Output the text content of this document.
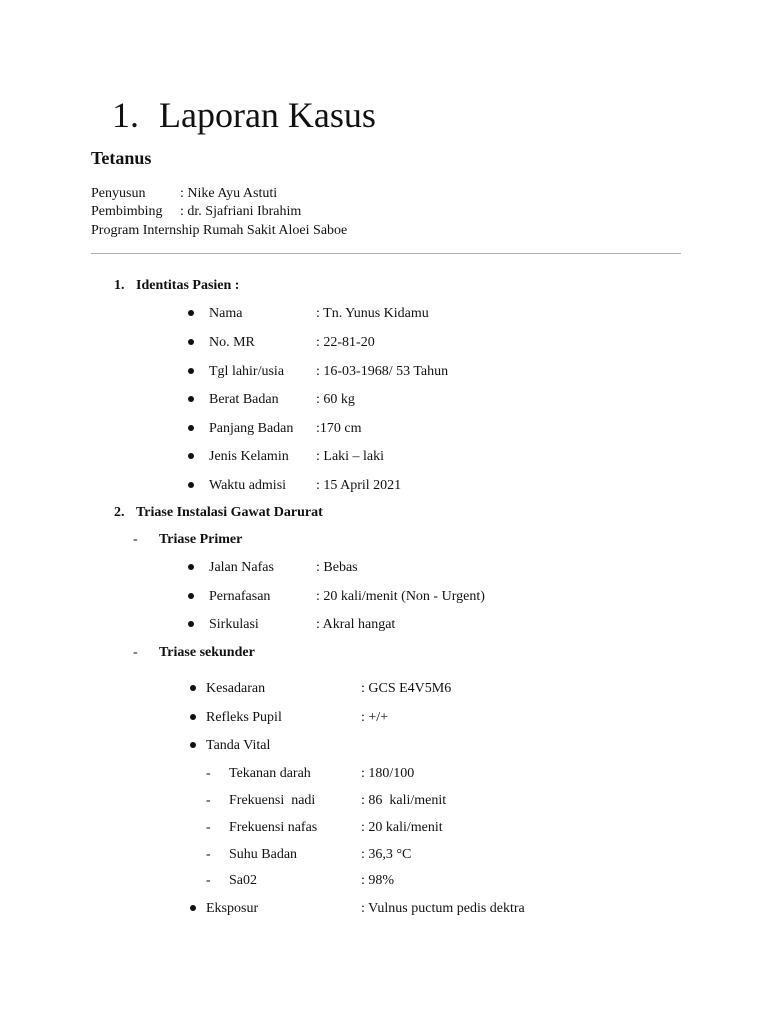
1. Laporan Kasus
Tetanus
Penyusun : Nike Ayu Astuti
Pembimbing : dr. Sjafriani Ibrahim
Program Internship Rumah Sakit Aloei Saboe
1. Identitas Pasien :
Nama	: Tn. Yunus Kidamu
No. MR	: 22-81-20
Tgl lahir/usia : 16-03-1968/ 53 Tahun
Berat Badan	: 60 kg
Panjang Badan :170 cm
Jenis Kelamin : Laki – laki
Waktu admisi : 15 April 2021
2. Triase Instalasi Gawat Darurat
- Triase Primer
Jalan Nafas	: Bebas
Pernafasan	: 20 kali/menit (Non - Urgent)
Sirkulasi	: Akral hangat
- Triase sekunder
Kesadaran	: GCS E4V5M6
Refleks Pupil	: +/+
Tanda Vital
- Tekanan darah	: 180/100
- Frekuensi  nadi	: 86  kali/menit
- Frekuensi nafas	: 20 kali/menit
- Suhu Badan	: 36,3 °C
- Sa02	: 98%
Eksposur	: Vulnus puctum pedis dektra
